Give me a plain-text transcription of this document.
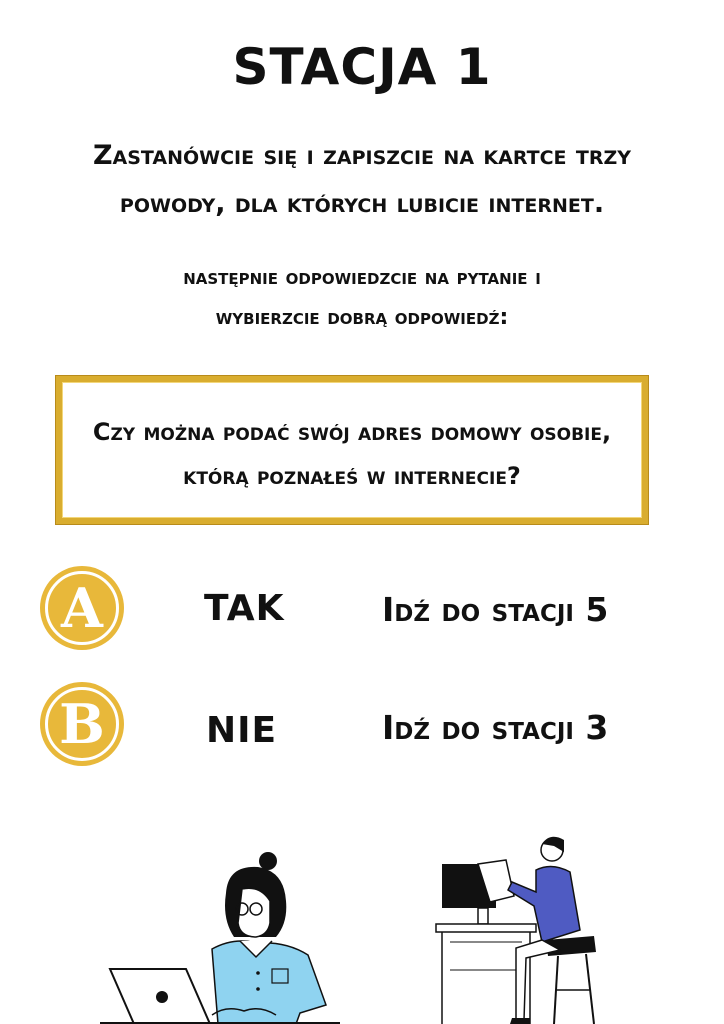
STACJA 1
Zastanówcie się i zapiszcie na kartce trzy
powody, dla których lubicie internet.
następnie odpowiedzcie na pytanie i
wybierzcie dobrą odpowiedź:
Czy można podać swój adres domowy osobie,
którą poznałeś w internecie?
A	TAK	Idź do stacji 5
B	NIE	Idź do stacji 3
